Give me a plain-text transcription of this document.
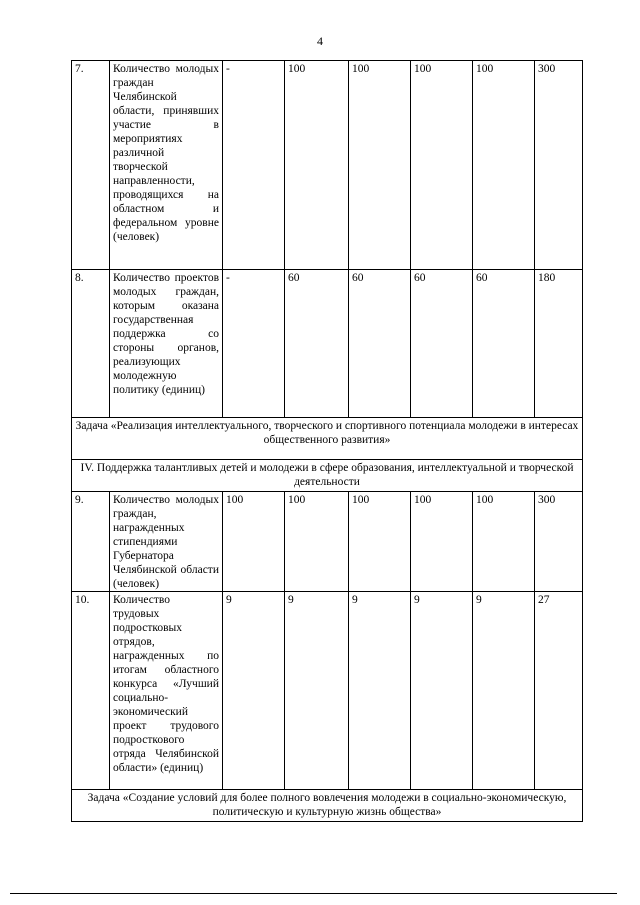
4
7.	Количество молодых граждан Челябинской области, принявших участие в мероприятиях различной творческой направленности, проводящихся на областном и федеральном уровне (человек)	-	100	100	100	100	300
8.	Количество проектов молодых граждан, которым оказана государственная поддержка со стороны органов, реализующих молодежную политику (единиц)	-	60	60	60	60	180
Задача «Реализация интеллектуального, творческого и спортивного потенциала молодежи в интересах общественного развития»							
IV. Поддержка талантливых детей и молодежи в сфере образования, интеллектуальной и творческой деятельности							
9.	Количество молодых граждан, награжденных стипендиями Губернатора Челябинской области (человек)	100	100	100	100	100	300
10.	Количество трудовых подростковых отрядов, награжденных по итогам областного конкурса «Лучший социально-экономический проект трудового подросткового отряда Челябинской области» (единиц)	9	9	9	9	9	27
Задача «Создание условий для более полного вовлечения молодежи в социально-экономическую, политическую и культурную жизнь общества»							
